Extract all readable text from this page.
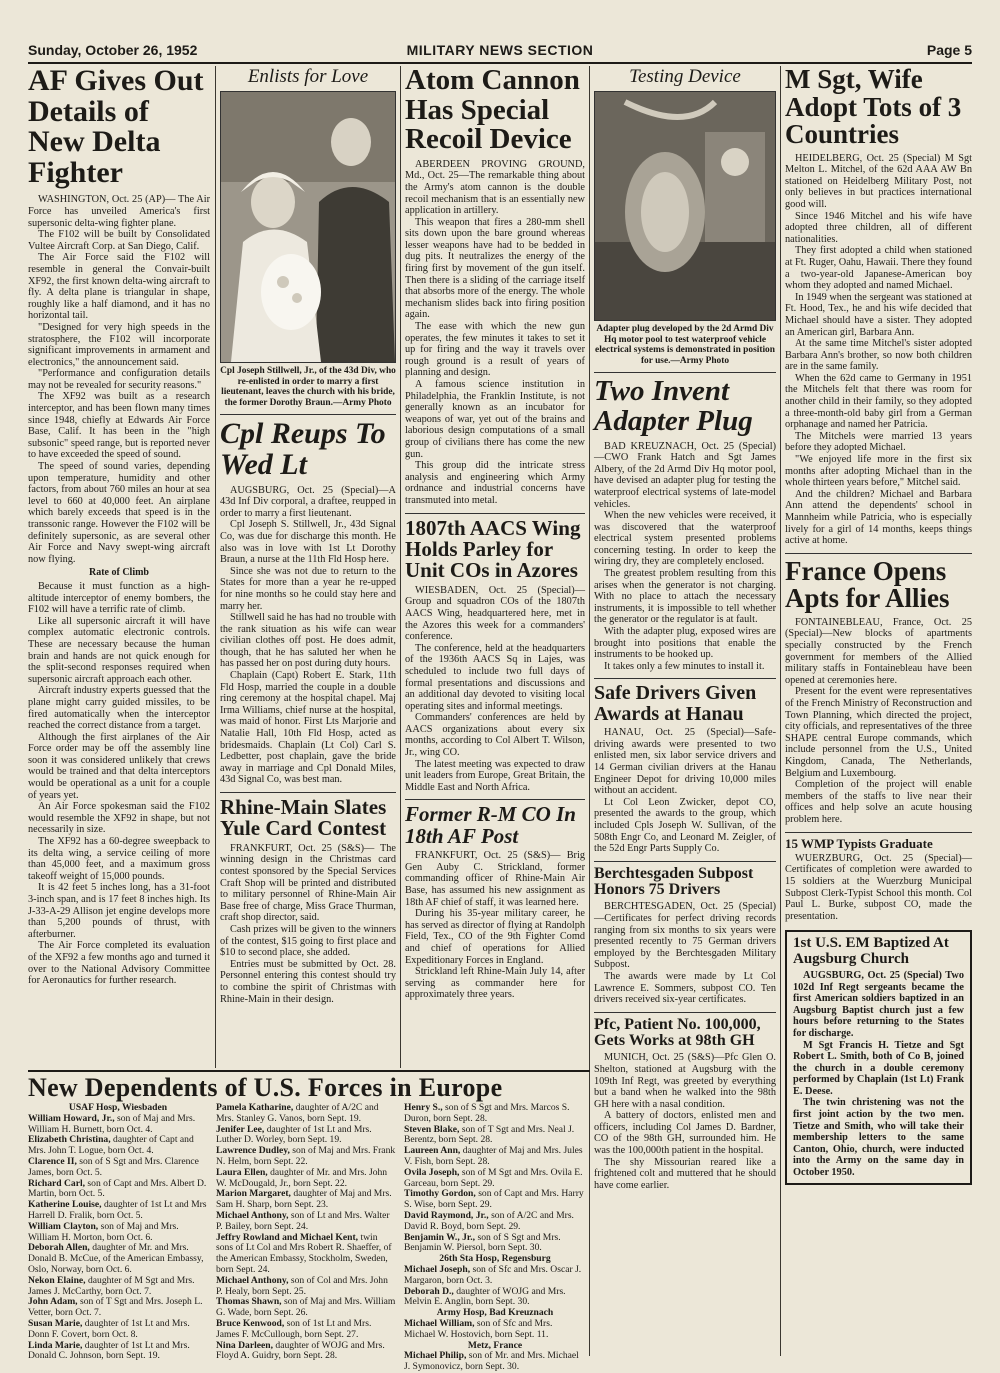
MILITARY NEWS SECTION
Sunday, October 26, 1952	Page 5
AF Gives Out Details of New Delta Fighter

WASHINGTON, Oct. 25 (AP)— The Air Force has unveiled America's first supersonic delta-wing fighter plane.

The F102 will be built by Consolidated Vultee Aircraft Corp. at San Diego, Calif.

The Air Force said the F102 will resemble in general the Convair-built XF92, the first known delta-wing aircraft to fly. A delta plane is triangular in shape, roughly like a half diamond, and it has no horizontal tail.

"Designed for very high speeds in the stratosphere, the F102 will incorporate significant improvements in armament and electronics," the announcement said.

"Performance and configuration details may not be revealed for security reasons."

The XF92 was built as a research interceptor, and has been flown many times since 1948, chiefly at Edwards Air Force Base, Calif. It has been in the "high subsonic" speed range, but is reported never to have exceeded the speed of sound.

The speed of sound varies, depending upon temperature, humidity and other factors, from about 760 miles an hour at sea level to 660 at 40,000 feet. An airplane which barely exceeds that speed is in the transsonic range. However the F102 will be definitely supersonic, as are several other Air Force and Navy swept-wing aircraft now flying.

Rate of Climb

Because it must function as a high-altitude interceptor of enemy bombers, the F102 will have a terrific rate of climb.

Like all supersonic aircraft it will have complex automatic electronic controls. These are necessary because the human brain and hands are not quick enough for the split-second responses required when supersonic aircraft approach each other.

Aircraft industry experts guessed that the plane might carry guided missiles, to be fired automatically when the interceptor reached the correct distance from a target.

Although the first airplanes of the Air Force order may be off the assembly line soon it was considered unlikely that crews would be trained and that delta interceptors would be operational as a unit for a couple of years yet.

An Air Force spokesman said the F102 would resemble the XF92 in shape, but not necessarily in size.

The XF92 has a 60-degree sweepback to its delta wing, a service ceiling of more than 45,000 feet, and a maximum gross takeoff weight of 15,000 pounds.

It is 42 feet 5 inches long, has a 31-foot 3-inch span, and is 17 feet 8 inches high. Its J-33-A-29 Allison jet engine develops more than 5,200 pounds of thrust, with afterburner.

The Air Force completed its evaluation of the XF92 a few months ago and turned it over to the National Advisory Committee for Aeronautics for further research.

Enlists for Love
Cpl Joseph Stillwell, Jr., of the 43d Div, who re-enlisted in order to marry a first lieutenant, leaves the church with his bride, the former Dorothy Braun.—Army Photo
Cpl Reups To Wed Lt

AUGSBURG, Oct. 25 (Special)—A 43d Inf Div corporal, a draftee, reupped in order to marry a first lieutenant.

Cpl Joseph S. Stillwell, Jr., 43d Signal Co, was due for discharge this month. He also was in love with 1st Lt Dorothy Braun, a nurse at the 11th Fld Hosp here.

Since she was not due to return to the States for more than a year he re-upped for nine months so he could stay here and marry her.

Stillwell said he has had no trouble with the rank situation as his wife can wear civilian clothes off post. He does admit, though, that he has saluted her when he has passed her on post during duty hours.

Chaplain (Capt) Robert E. Stark, 11th Fld Hosp, married the couple in a double ring ceremony at the hospital chapel. Maj Irma Williams, chief nurse at the hospital, was maid of honor. First Lts Marjorie and Natalie Hall, 10th Fld Hosp, acted as bridesmaids. Chaplain (Lt Col) Carl S. Ledbetter, post chaplain, gave the bride away in marriage and Cpl Donald Miles, 43d Signal Co, was best man.

Rhine-Main Slates Yule Card Contest

FRANKFURT, Oct. 25 (S&S)— The winning design in the Christmas card contest sponsored by the Special Services Craft Shop will be printed and distributed to military personnel of Rhine-Main Air Base free of charge, Miss Grace Thurman, craft shop director, said.

Cash prizes will be given to the winners of the contest, $15 going to first place and $10 to second place, she added.

Entries must be submitted by Oct. 28. Personnel entering this contest should try to combine the spirit of Christmas with Rhine-Main in their design.

Atom Cannon Has Special Recoil Device

ABERDEEN PROVING GROUND, Md., Oct. 25—The remarkable thing about the Army's atom cannon is the double recoil mechanism that is an essentially new application in artillery.

This weapon that fires a 280-mm shell sits down upon the bare ground whereas lesser weapons have had to be bedded in dug pits. It neutralizes the energy of the firing first by movement of the gun itself. Then there is a sliding of the carriage itself that absorbs more of the energy. The whole mechanism slides back into firing position again.

The ease with which the new gun operates, the few minutes it takes to set it up for firing and the way it travels over rough ground is a result of years of planning and design.

A famous science institution in Philadelphia, the Franklin Institute, is not generally known as an incubator for weapons of war, yet out of the brains and laborious design computations of a small group of civilians there has come the new gun.

This group did the intricate stress analysis and engineering which Army ordnance and industrial concerns have transmuted into metal.

1807th AACS Wing Holds Parley for Unit COs in Azores

WIESBADEN, Oct. 25 (Special)—Group and squadron COs of the 1807th AACS Wing, headquartered here, met in the Azores this week for a commanders' conference.

The conference, held at the headquarters of the 1936th AACS Sq in Lajes, was scheduled to include two full days of formal presentations and discussions and an additional day devoted to visiting local operating sites and informal meetings.

Commanders' conferences are held by AACS organizations about every six months, according to Col Albert T. Wilson, Jr., wing CO.

The latest meeting was expected to draw unit leaders from Europe, Great Britain, the Middle East and North Africa.

Former R-M CO In 18th AF Post

FRANKFURT, Oct. 25 (S&S)— Brig Gen Auby C. Strickland, former commanding officer of Rhine-Main Air Base, has assumed his new assignment as 18th AF chief of staff, it was learned here.

During his 35-year military career, he has served as director of flying at Randolph Field, Tex., CO of the 9th Fighter Comd and chief of operations for Allied Expeditionary Forces in England.

Strickland left Rhine-Main July 14, after serving as commander here for approximately three years.

Testing Device
Adapter plug developed by the 2d Armd Div Hq motor pool to test waterproof vehicle electrical systems is demonstrated in position for use.—Army Photo
Two Invent Adapter Plug

BAD KREUZNACH, Oct. 25 (Special)—CWO Frank Hatch and Sgt James Albery, of the 2d Armd Div Hq motor pool, have devised an adapter plug for testing the waterproof electrical systems of late-model vehicles.

When the new vehicles were received, it was discovered that the waterproof electrical system presented problems concerning testing. In order to keep the wiring dry, they are completely enclosed.

The greatest problem resulting from this arises when the generator is not charging. With no place to attach the necessary instruments, it is impossible to tell whether the generator or the regulator is at fault.

With the adapter plug, exposed wires are brought into positions that enable the instruments to be hooked up.

It takes only a few minutes to install it.

Safe Drivers Given Awards at Hanau

HANAU, Oct. 25 (Special)—Safe-driving awards were presented to two enlisted men, six labor service drivers and 14 German civilian drivers at the Hanau Engineer Depot for driving 10,000 miles without an accident.

Lt Col Leon Zwicker, depot CO, presented the awards to the group, which included Cpls Joseph W. Sullivan, of the 508th Engr Co, and Leonard M. Zeigler, of the 52d Engr Parts Supply Co.

Berchtesgaden Subpost Honors 75 Drivers

BERCHTESGADEN, Oct. 25 (Special)—Certificates for perfect driving records ranging from six months to six years were presented recently to 75 German drivers employed by the Berchtesgaden Military Subpost.

The awards were made by Lt Col Lawrence E. Sommers, subpost CO. Ten drivers received six-year certificates.

Pfc, Patient No. 100,000, Gets Works at 98th GH

MUNICH, Oct. 25 (S&S)—Pfc Glen O. Shelton, stationed at Augsburg with the 109th Inf Regt, was greeted by everything but a band when he walked into the 98th GH here with a nasal condition.

A battery of doctors, enlisted men and officers, including Col James D. Bardner, CO of the 98th GH, surrounded him. He was the 100,000th patient in the hospital.

The shy Missourian reared like a frightened colt and muttered that he should have come earlier.

M Sgt, Wife Adopt Tots of 3 Countries

HEIDELBERG, Oct. 25 (Special) M Sgt Melton L. Mitchel, of the 62d AAA AW Bn stationed on Heidelberg Military Post, not only believes in but practices international good will.

Since 1946 Mitchel and his wife have adopted three children, all of different nationalities.

They first adopted a child when stationed at Ft. Ruger, Oahu, Hawaii. There they found a two-year-old Japanese-American boy whom they adopted and named Michael.

In 1949 when the sergeant was stationed at Ft. Hood, Tex., he and his wife decided that Michael should have a sister. They adopted an American girl, Barbara Ann.

At the same time Mitchel's sister adopted Barbara Ann's brother, so now both children are in the same family.

When the 62d came to Germany in 1951 the Mitchels felt that there was room for another child in their family, so they adopted a three-month-old baby girl from a German orphanage and named her Patricia.

The Mitchels were married 13 years before they adopted Michael.

"We enjoyed life more in the first six months after adopting Michael than in the whole thirteen years before," Mitchel said.

And the children? Michael and Barbara Ann attend the dependents' school in Mannheim while Patricia, who is especially lively for a girl of 14 months, keeps things active at home.

France Opens Apts for Allies

FONTAINEBLEAU, France, Oct. 25 (Special)—New blocks of apartments specially constructed by the French government for members of the Allied military staffs in Fontainebleau have been opened at ceremonies here.

Present for the event were representatives of the French Ministry of Reconstruction and Town Planning, which directed the project, city officials, and representatives of the three SHAPE central Europe commands, which include personnel from the U.S., United Kingdom, Canada, The Netherlands, Belgium and Luxembourg.

Completion of the project will enable members of the staffs to live near their offices and help solve an acute housing problem here.

15 WMP Typists Graduate

WUERZBURG, Oct. 25 (Special)— Certificates of completion were awarded to 15 soldiers at the Wuerzburg Municipal Subpost Clerk-Typist School this month. Col Paul L. Burke, subpost CO, made the presentation.

1st U.S. EM Baptized At Augsburg Church

AUGSBURG, Oct. 25 (Special) Two 102d Inf Regt sergeants became the first American soldiers baptized in an Augsburg Baptist church just a few hours before returning to the States for discharge.

M Sgt Francis H. Tietze and Sgt Robert L. Smith, both of Co B, joined the church in a double ceremony performed by Chaplain (1st Lt) Frank E. Deese.

The twin christening was not the first joint action by the two men. Tietze and Smith, who will take their membership letters to the same Canton, Ohio, church, were inducted into the Army on the same day in October 1950.

New Dependents of U.S. Forces in Europe
USAF Hosp, Wiesbaden
William Howard, Jr., son of Maj and Mrs. William H. Burnett, born Oct. 4.
Elizabeth Christina, daughter of Capt and Mrs. John T. Logue, born Oct. 4.
Clarence II, son of S Sgt and Mrs. Clarence James, born Oct. 5.
Richard Carl, son of Capt and Mrs. Albert D. Martin, born Oct. 5.
Katherine Louise, daughter of 1st Lt and Mrs Harrell D. Fralik, born Oct. 5.
William Clayton, son of Maj and Mrs. William H. Morton, born Oct. 6.
Deborah Allen, daughter of Mr. and Mrs. Donald B. McCue, of the American Embassy, Oslo, Norway, born Oct. 6.
Nekon Elaine, daughter of M Sgt and Mrs. James J. McCarthy, born Oct. 7.
John Adam, son of T Sgt and Mrs. Joseph L. Vetter, born Oct. 7.
Susan Marie, daughter of 1st Lt and Mrs. Donn F. Covert, born Oct. 8.
Linda Marie, daughter of 1st Lt and Mrs. Donald C. Johnson, born Sept. 19.
Pamela Katharine, daughter of A/2C and Mrs. Stanley G. Vanos, born Sept. 19.
Jenifer Lee, daughter of 1st Lt and Mrs. Luther D. Worley, born Sept. 19.
Lawrence Dudley, son of Maj and Mrs. Frank N. Helm, born Sept. 22.
Laura Ellen, daughter of Mr. and Mrs. John W. McDougald, Jr., born Sept. 22.
Marion Margaret, daughter of Maj and Mrs. Sam H. Sharp, born Sept. 23.
Michael Anthony, son of Lt and Mrs. Walter P. Bailey, born Sept. 24.
Jeffry Rowland and Michael Kent, twin sons of Lt Col and Mrs Robert R. Shaeffer, of the American Embassy, Stockholm, Sweden, born Sept. 24.
Michael Anthony, son of Col and Mrs. John P. Healy, born Sept. 25.
Thomas Shawn, son of Maj and Mrs. William G. Wade, born Sept. 26.
Bruce Kenwood, son of 1st Lt and Mrs. James F. McCullough, born Sept. 27.
Nina Darleen, daughter of WOJG and Mrs. Floyd A. Guidry, born Sept. 28.
Henry S., son of S Sgt and Mrs. Marcos S. Duron, born Sept. 28.
Steven Blake, son of T Sgt and Mrs. Neal J. Berentz, born Sept. 28.
Laureen Ann, daughter of Maj and Mrs. Jules V. Fish, born Sept. 28.
Ovila Joseph, son of M Sgt and Mrs. Ovila E. Garceau, born Sept. 29.
Timothy Gordon, son of Capt and Mrs. Harry S. Wise, born Sept. 29.
David Raymond, Jr., son of A/2C and Mrs. David R. Boyd, born Sept. 29.
Benjamin W., Jr., son of S Sgt and Mrs. Benjamin W. Piersol, born Sept. 30.
26th Sta Hosp, Regensburg
Michael Joseph, son of Sfc and Mrs. Oscar J. Margaron, born Oct. 3.
Deborah D., daughter of WOJG and Mrs. Melvin E. Anglin, born Sept. 30.
Army Hosp, Bad Kreuznach
Michael William, son of Sfc and Mrs. Michael W. Hostovich, born Sept. 11.
Metz, France
Michael Philip, son of Mr. and Mrs. Michael J. Symonovicz, born Sept. 30.
